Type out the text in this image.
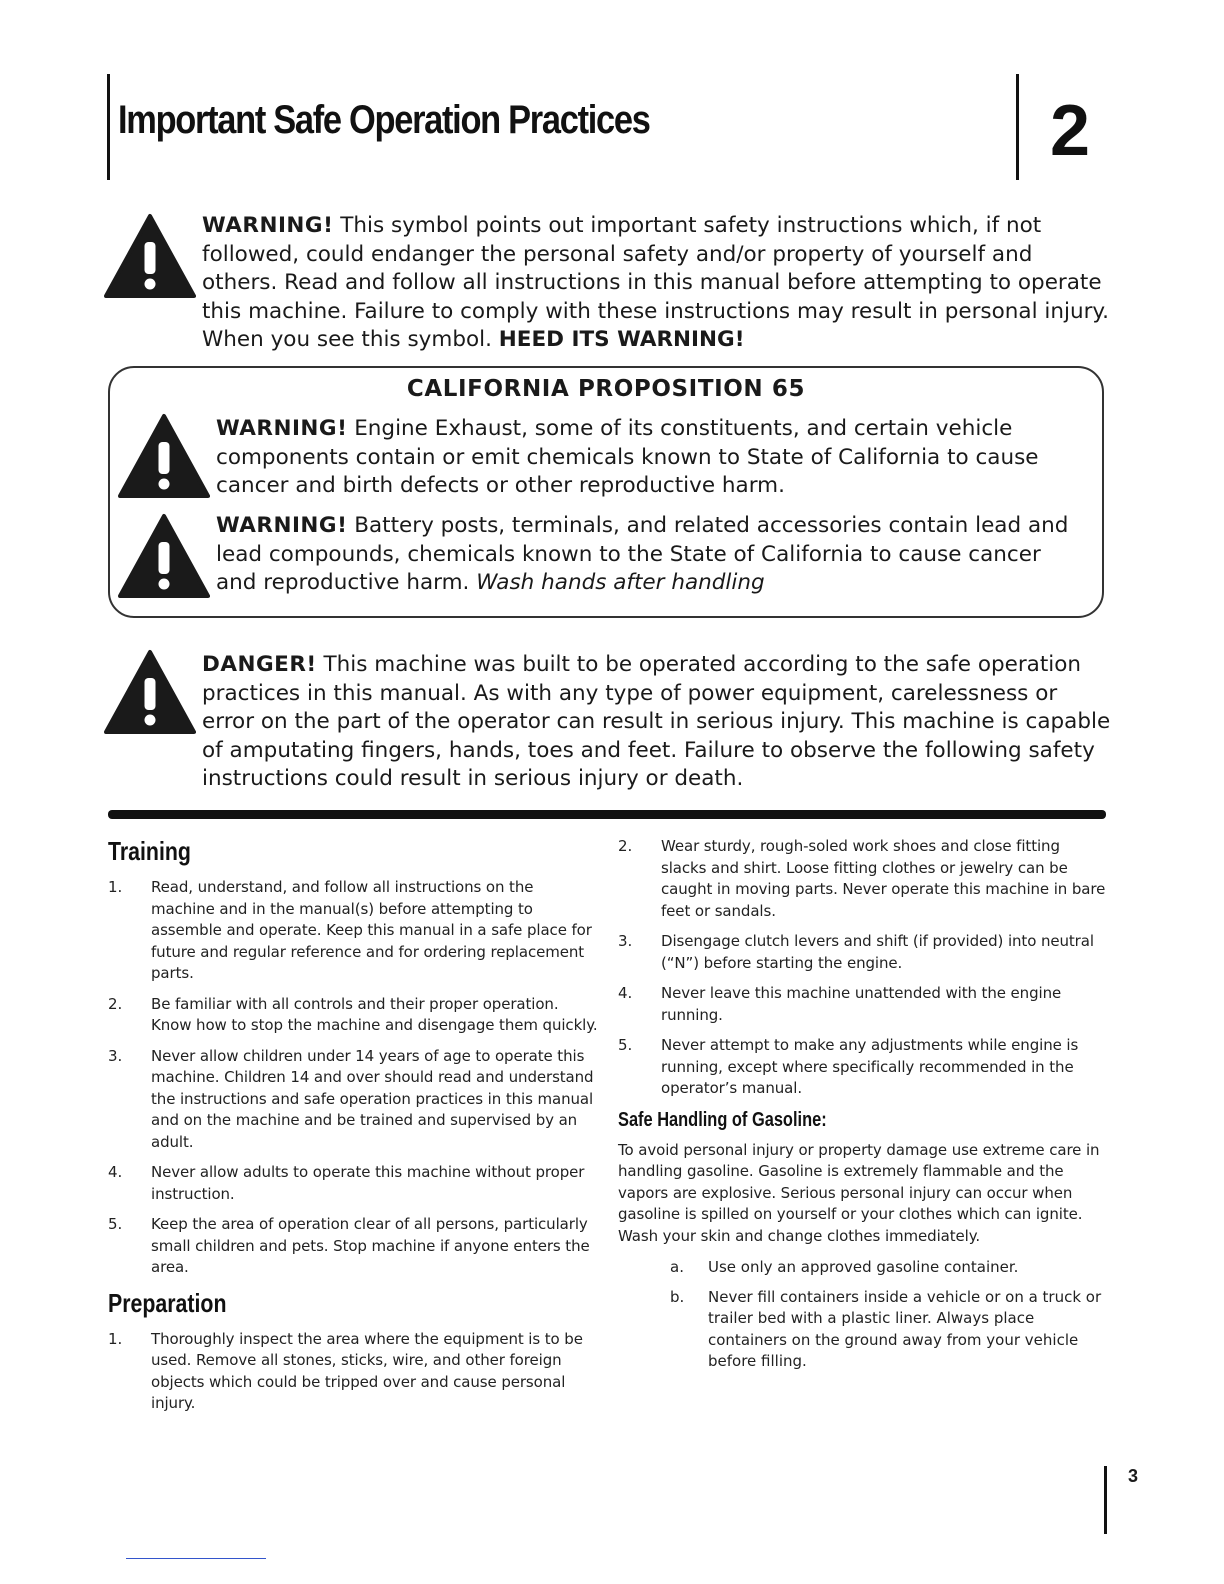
Important Safe Operation Practices	2
WARNING! This symbol points out important safety instructions which, if not followed, could endanger the personal safety and/or property of yourself and others. Read and follow all instructions in this manual before attempting to operate this machine. Failure to comply with these instructions may result in personal injury.
When you see this symbol. HEED ITS WARNING!
CALIFORNIA PROPOSITION 65
WARNING! Engine Exhaust, some of its constituents, and certain vehicle components contain or emit chemicals known to State of California to cause cancer and birth defects or other reproductive harm.
WARNING! Battery posts, terminals, and related accessories contain lead and lead compounds, chemicals known to the State of California to cause cancer and reproductive harm. Wash hands after handling
DANGER! This machine was built to be operated according to the safe operation practices in this manual. As with any type of power equipment, carelessness or error on the part of the operator can result in serious injury. This machine is capable of amputating fingers, hands, toes and feet. Failure to observe the following safety instructions could result in serious injury or death.
Training
1.	Read, understand, and follow all instructions on the machine and in the manual(s) before attempting to assemble and operate. Keep this manual in a safe place for future and regular reference and for ordering replacement parts.
2.	Be familiar with all controls and their proper operation. Know how to stop the machine and disengage them quickly.
3.	Never allow children under 14 years of age to operate this machine. Children 14 and over should read and understand the instructions and safe operation practices in this manual and on the machine and be trained and supervised by an adult.
4.	Never allow adults to operate this machine without proper instruction.
5.	Keep the area of operation clear of all persons, particularly small children and pets. Stop machine if anyone enters the area.
Preparation
1.	Thoroughly inspect the area where the equipment is to be used. Remove all stones, sticks, wire, and other foreign objects which could be tripped over and cause personal injury.
2.	Wear sturdy, rough-soled work shoes and close fitting slacks and shirt. Loose fitting clothes or jewelry can be caught in moving parts. Never operate this machine in bare feet or sandals.
3.	Disengage clutch levers and shift (if provided) into neutral (“N”) before starting the engine.
4.	Never leave this machine unattended with the engine running.
5.	Never attempt to make any adjustments while engine is running, except where specifically recommended in the operator’s manual.
Safe Handling of Gasoline:
To avoid personal injury or property damage use extreme care in handling gasoline. Gasoline is extremely flammable and the vapors are explosive. Serious personal injury can occur when gasoline is spilled on yourself or your clothes which can ignite. Wash your skin and change clothes immediately.
a.	Use only an approved gasoline container.
b.	Never fill containers inside a vehicle or on a truck or trailer bed with a plastic liner. Always place containers on the ground away from your vehicle before filling.
3
